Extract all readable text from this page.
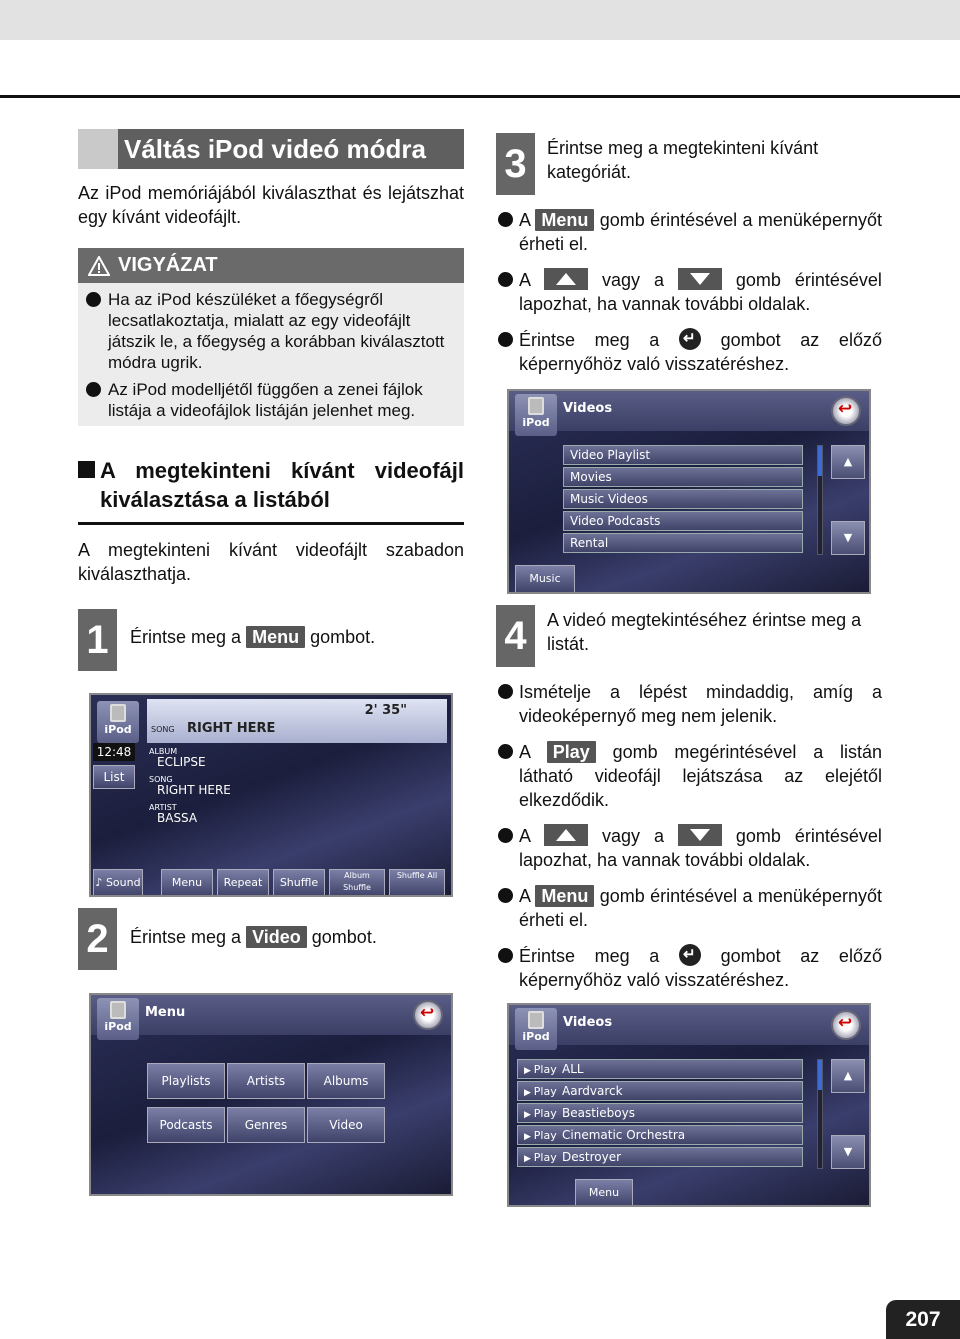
Váltás iPod videó módra

Az iPod memóriájából kiválaszthat és lejátszhat egy kívánt videofájlt.

VIGYÁZAT
Ha az iPod készüléket a főegységről lecsatlakoztatja, mialatt az egy videofájlt játszik le, a főegység a korábban kiválasztott módra ugrik.
Az iPod modelljétől függően a zenei fájlok listája a videofájlok listáján jelenhet meg.
A megtekinteni kívánt videofájl kiválasztása a listából

A megtekinteni kívánt videofájlt szabadon kiválaszthatja.

1	Érintse meg a Menu gombot.

iPod
2' 35"
SONG RIGHT HERE
12:48
List
ALBUM
ECLIPSE
SONG
RIGHT HERE
ARTIST
BASSA
♪ Sound	Menu	Repeat	Shuffle
Album Shuffle
Shuffle All
2	Érintse meg a Video gombot.

iPod
Menu
↩
Playlists	Artists	Albums
Podcasts	Genres	Video
3	Érintse meg a megtekinteni kívánt kategóriát.

A Menu gomb érintésével a menüképernyőt érheti el.
A	vagy a	gomb érintésével lapozhat, ha vannak további oldalak.
Érintse meg a ↵	gombot az előző képernyőhöz való visszatéréshez.
iPod
Videos
↩
Video Playlist
Movies
Music Videos
Video Podcasts
Rental
▲
▼
Music
4	A videó megtekintéséhez érintse meg a listát.

Ismételje a lépést mindaddig, amíg a videoképernyő meg nem jelenik.
A Play gomb megérintésével a listán látható videofájl lejátszása az elejétől elkezdődik.
A	vagy a	gomb érintésével lapozhat, ha vannak további oldalak.
A Menu gomb érintésével a menüképernyőt érheti el.
Érintse meg a ↵	gombot az előző képernyőhöz való visszatéréshez.
iPod
Videos
↩
▶ Play ALL
▶ Play Aardvarck
▶ Play Beastieboys
▶ Play Cinematic Orchestra
▶ Play Destroyer
▲
▼
Menu
207
